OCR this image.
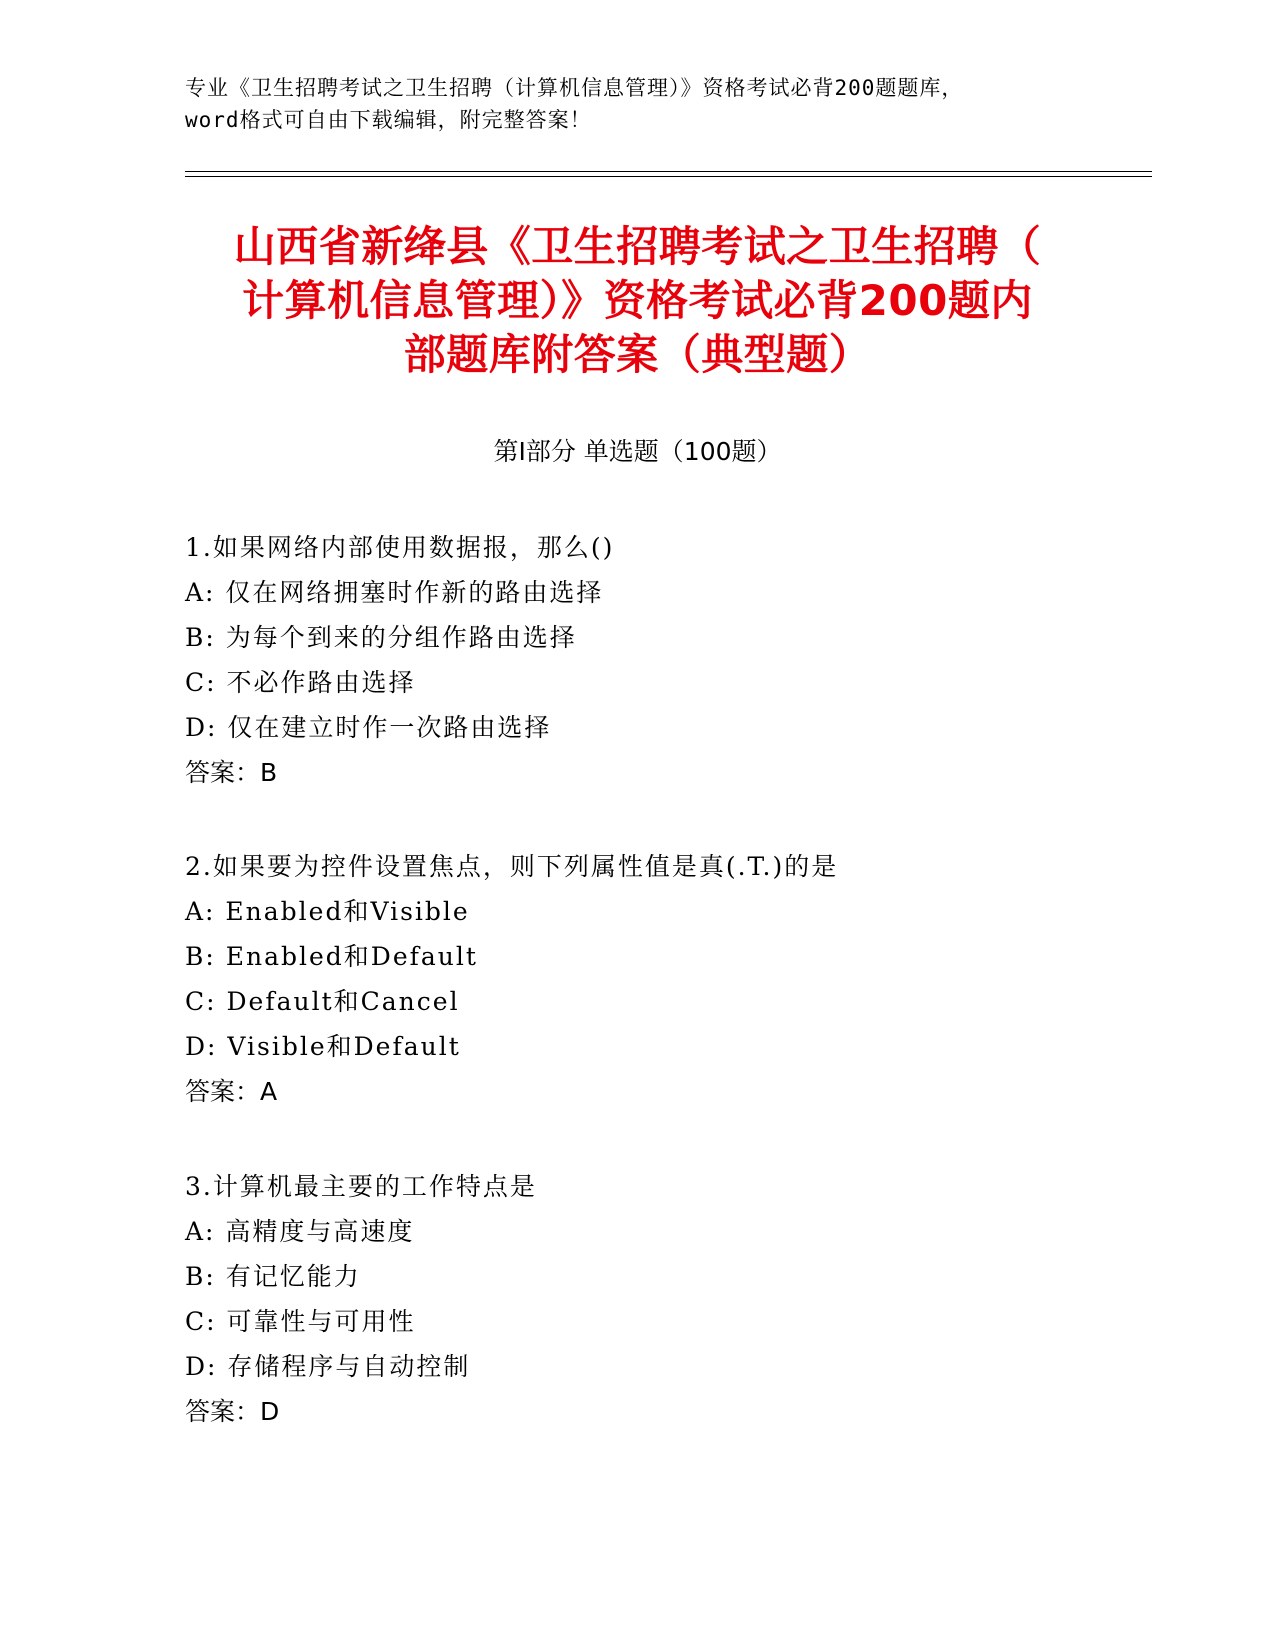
专业《卫生招聘考试之卫生招聘（计算机信息管理）》资格考试必背200题题库，
word格式可自由下载编辑，附完整答案！
山西省新绛县《卫生招聘考试之卫生招聘（
计算机信息管理）》资格考试必背200题内
部题库附答案（典型题）
第Ⅰ部分 单选题（100题）
1.如果网络内部使用数据报，那么()
A: 仅在网络拥塞时作新的路由选择
B: 为每个到来的分组作路由选择
C: 不必作路由选择
D: 仅在建立时作一次路由选择
答案：B
2.如果要为控件设置焦点，则下列属性值是真(.T.)的是
A: Enabled和Visible
B: Enabled和Default
C: Default和Cancel
D: Visible和Default
答案：A
3.计算机最主要的工作特点是
A: 高精度与高速度
B: 有记忆能力
C: 可靠性与可用性
D: 存储程序与自动控制
答案：D
